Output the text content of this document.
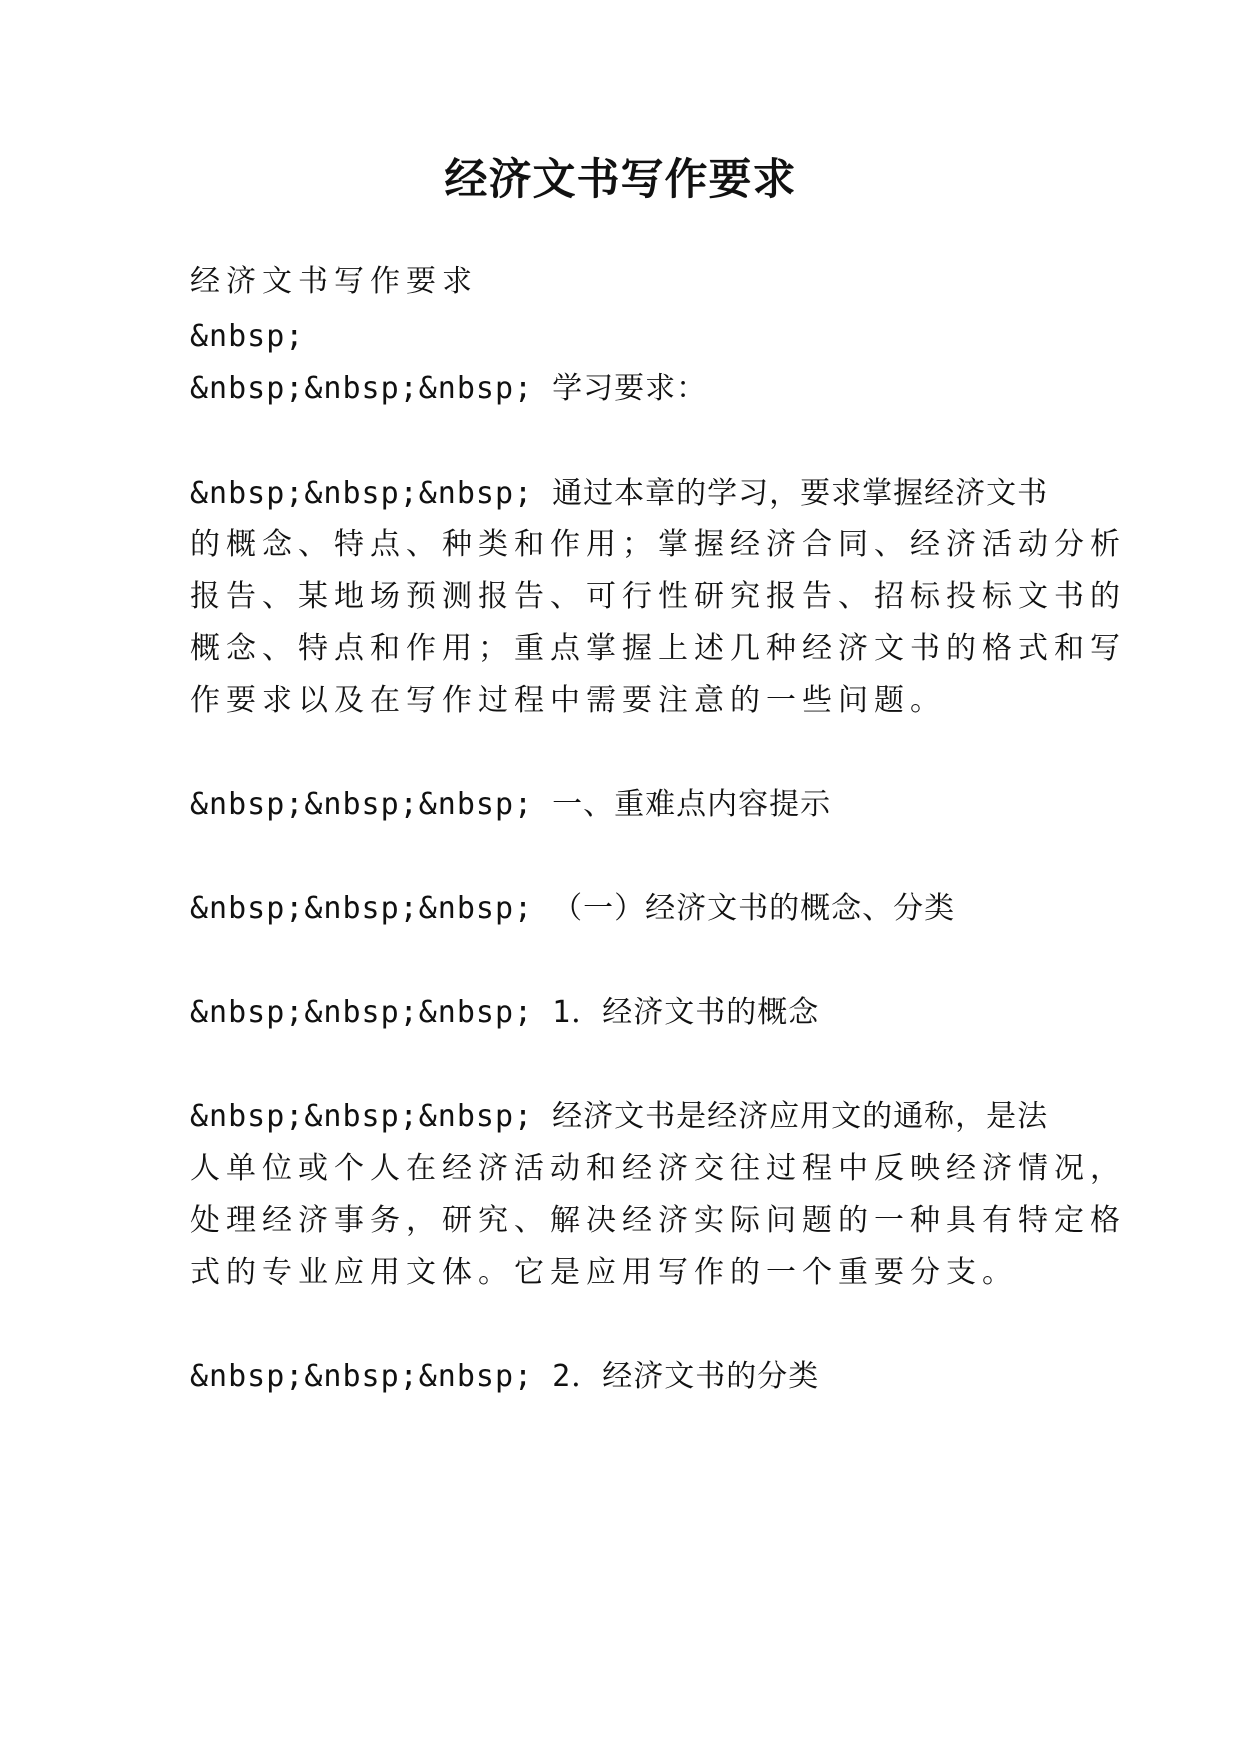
经济文书写作要求

经济文书写作要求

&nbsp;

&nbsp;&nbsp;&nbsp; 学习要求：

&nbsp;&nbsp;&nbsp; 通过本章的学习，要求掌握经济文书

的概念、特点、种类和作用；掌握经济合同、经济活动分析

报告、某地场预测报告、可行性研究报告、招标投标文书的

概念、特点和作用；重点掌握上述几种经济文书的格式和写

作要求以及在写作过程中需要注意的一些问题。

&nbsp;&nbsp;&nbsp; 一、重难点内容提示

&nbsp;&nbsp;&nbsp; （一）经济文书的概念、分类

&nbsp;&nbsp;&nbsp; 1．经济文书的概念

&nbsp;&nbsp;&nbsp; 经济文书是经济应用文的通称，是法

人单位或个人在经济活动和经济交往过程中反映经济情况，

处理经济事务，研究、解决经济实际问题的一种具有特定格

式的专业应用文体。它是应用写作的一个重要分支。

&nbsp;&nbsp;&nbsp; 2．经济文书的分类
